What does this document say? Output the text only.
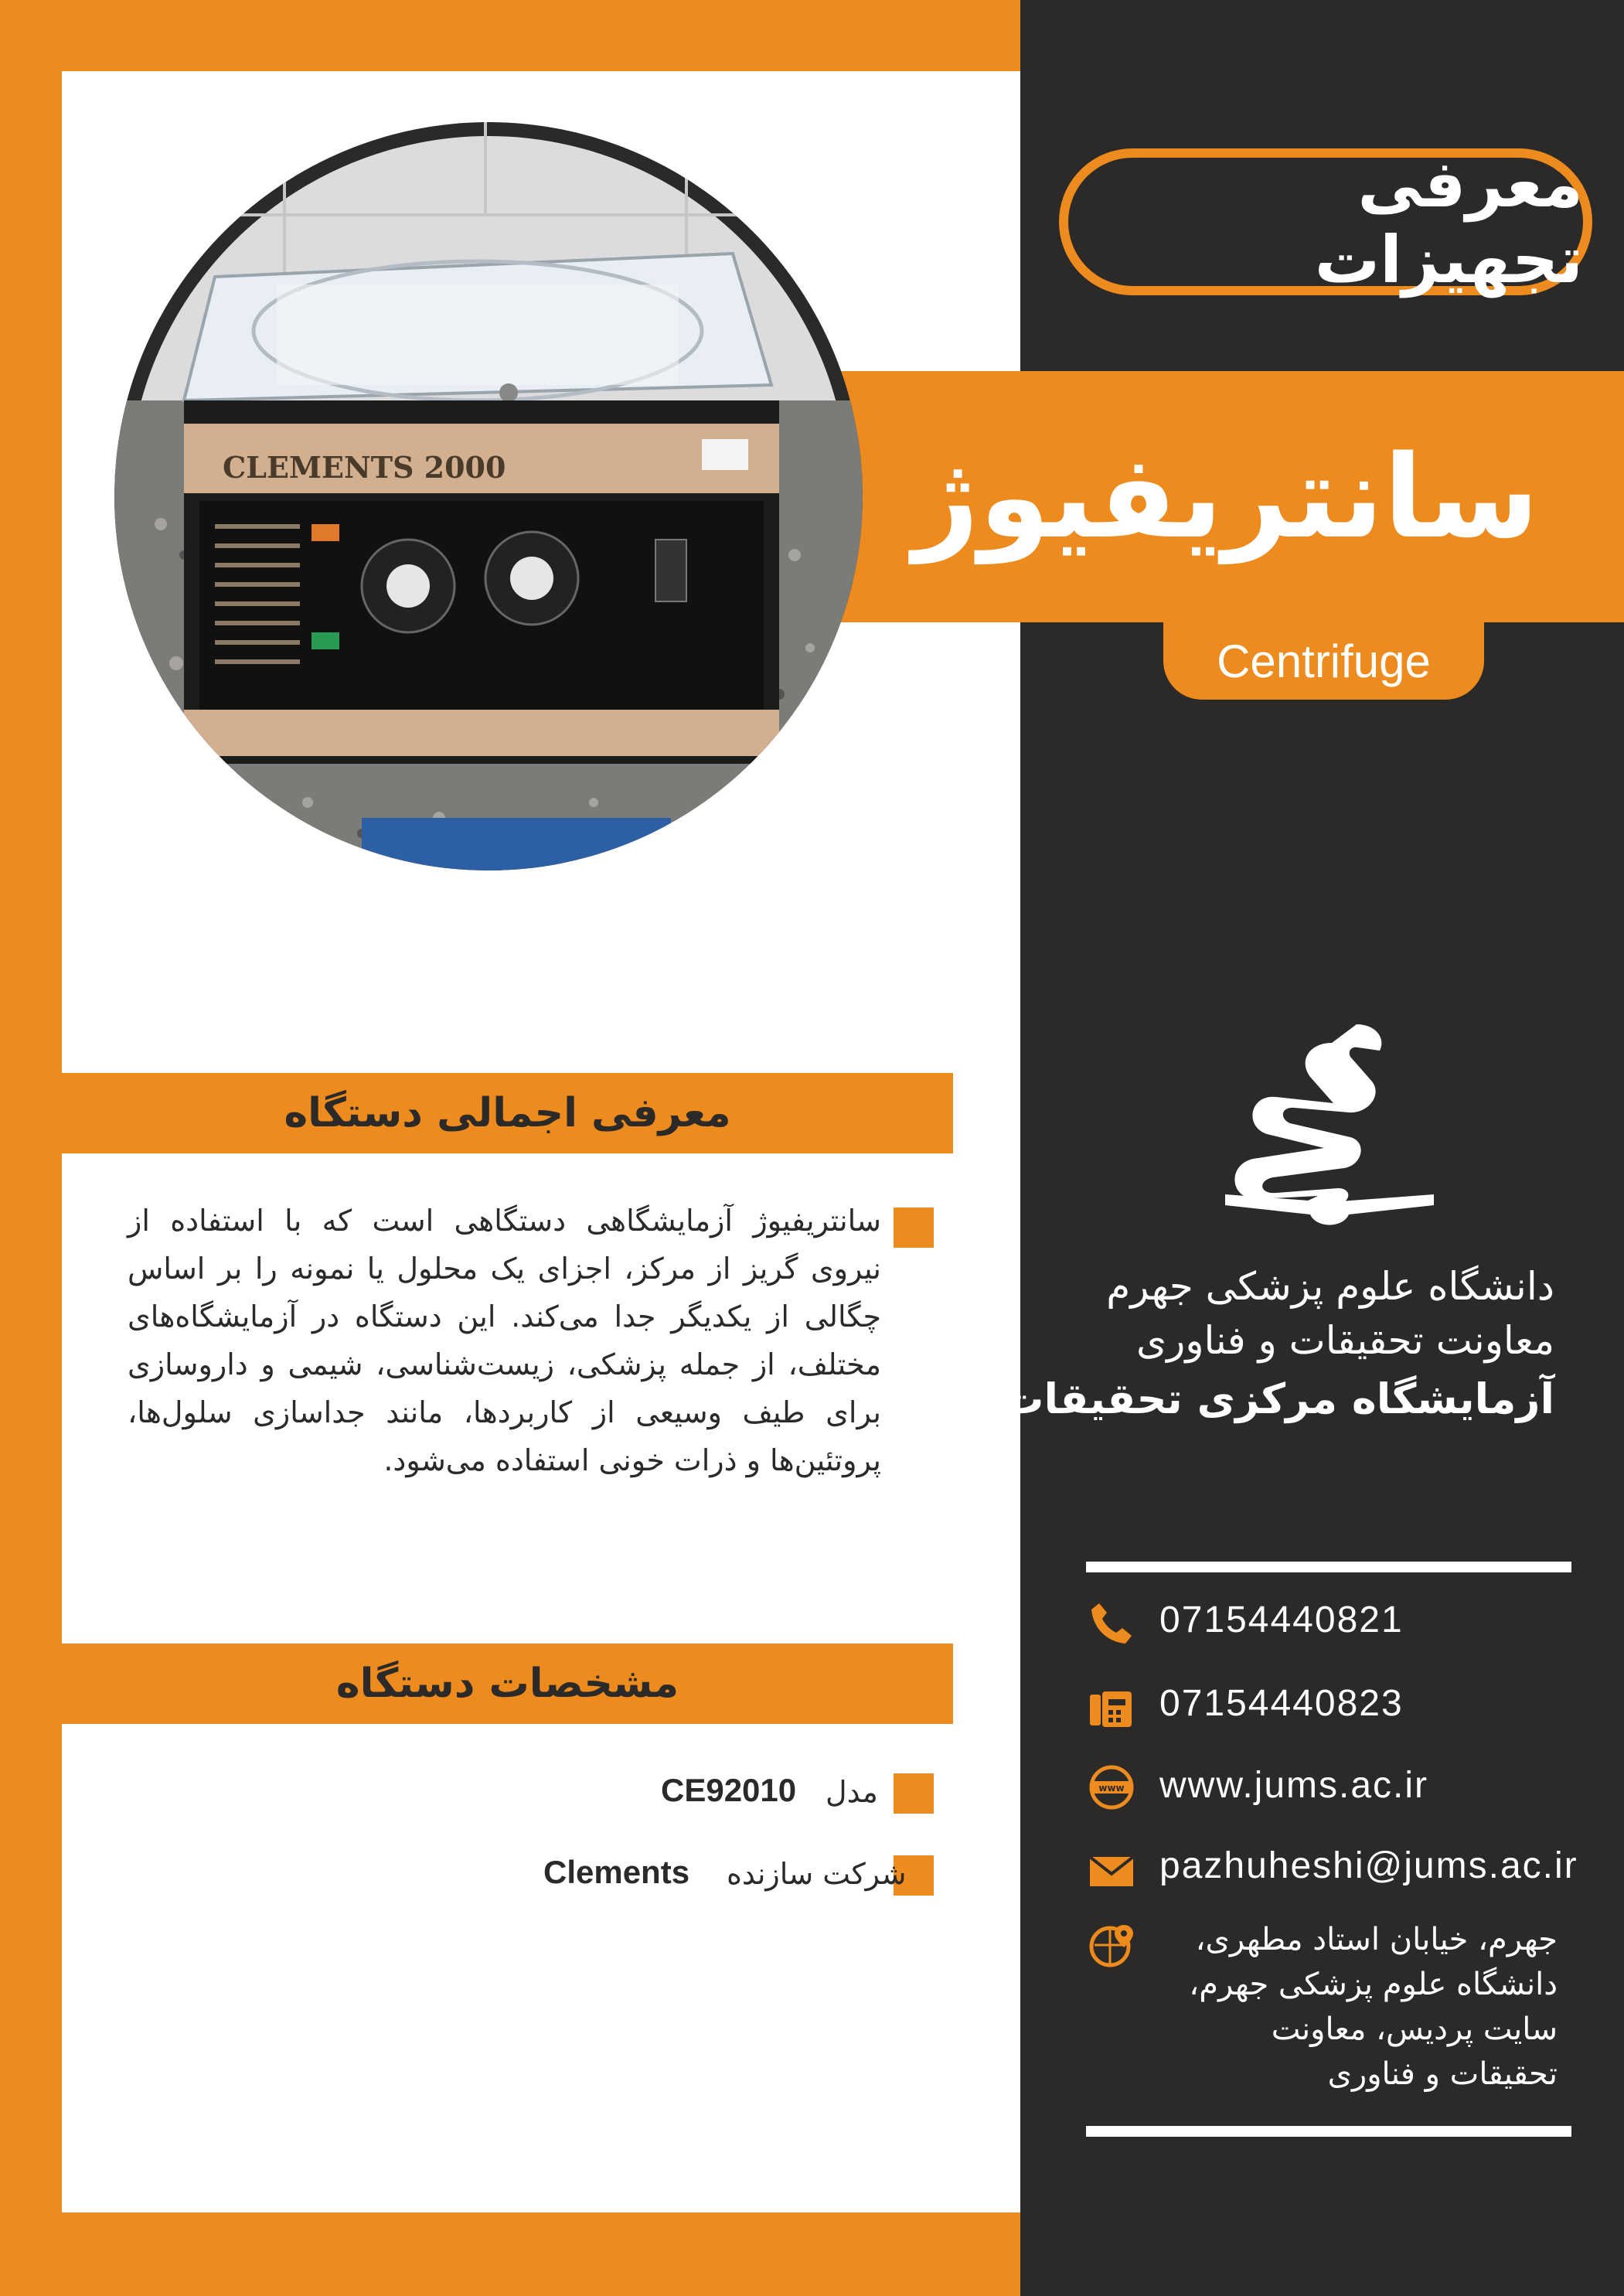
معرفی تجهیزات
سانتریفیوژ
Centrifuge
CLEMENTS 2000
معرفی اجمالی دستگاه
سانتریفیوژ آزمایشگاهی دستگاهی است که با استفاده از نیروی گریز از مرکز، اجزای یک محلول یا نمونه را بر اساس چگالی از یکدیگر جدا می‌کند. این دستگاه در آزمایشگاه‌های مختلف، از جمله پزشکی، زیست‌شناسی، شیمی و داروسازی برای طیف وسیعی از کاربردها، مانند جداسازی سلول‌ها، پروتئین‌ها و ذرات خونی استفاده می‌شود.
مشخصات دستگاه
مدل
CE92010
شرکت سازنده
Clements
دانشگاه علوم پزشکی جهرم
معاونت تحقیقات و فناوری
آزمایشگاه مرکزی تحقیقات
07154440821
07154440823
www www.jums.ac.ir
pazhuheshi@jums.ac.ir
جهرم، خیابان استاد مطهری، دانشگاه علوم پزشکی جهرم، سایت پردیس، معاونت تحقیقات و فناوری
